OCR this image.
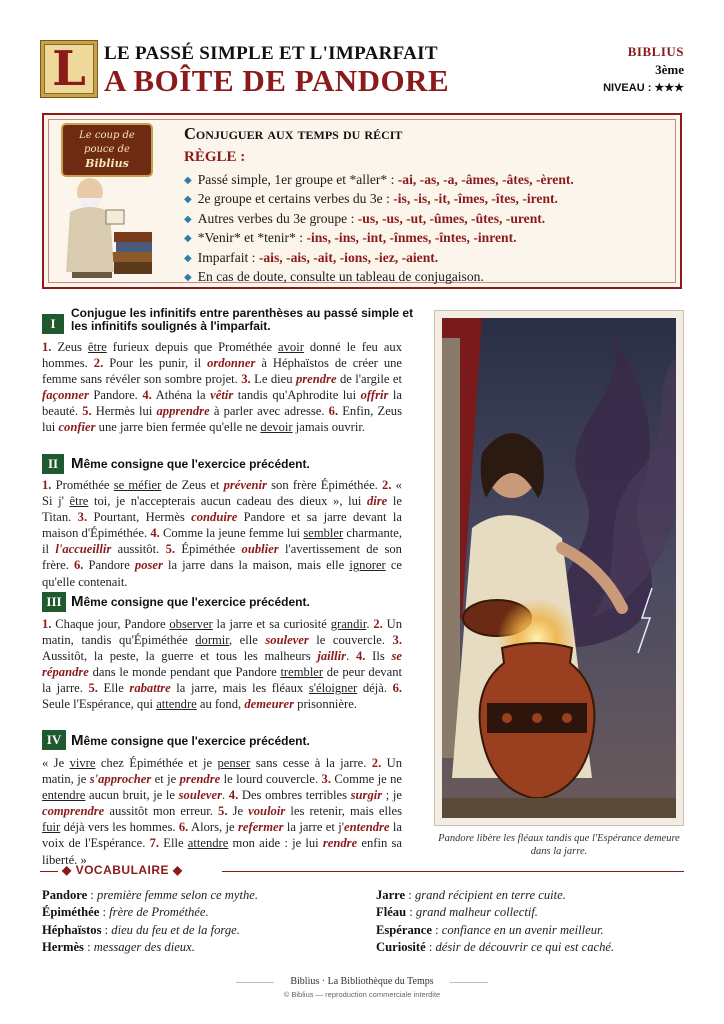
L LE PASSÉ SIMPLE ET L'IMPARFAIT
A BOÎTE DE PANDORE
BIBLIUS
3ème
NIVEAU : ★★★
Le coup de
pouce de
Biblius
Conjuguer aux temps du récit
RÈGLE :
◆ Passé simple, 1er groupe et *aller* : -ai, -as, -a, -âmes, -âtes, -èrent.
◆ 2e groupe et certains verbes du 3e : -is, -is, -it, -îmes, -îtes, -irent.
◆ Autres verbes du 3e groupe : -us, -us, -ut, -ûmes, -ûtes, -urent.
◆ *Venir* et *tenir* : -ins, -ins, -int, -înmes, -întes, -inrent.
◆ Imparfait : -ais, -ais, -ait, -ions, -iez, -aient.
◆ En cas de doute, consulte un tableau de conjugaison.
I
Conjugue les infinitifs entre parenthèses au passé simple et
les infinitifs soulignés à l'imparfait.
1. Zeus être furieux depuis que Prométhée avoir donné le feu aux hommes. 2. Pour les punir, il ordonner à Héphaïstos de créer une femme sans révéler son sombre projet. 3. Le dieu prendre de l'argile et façonner Pandore. 4. Athéna la vêtir tandis qu'Aphrodite lui offrir la beauté. 5. Hermès lui apprendre à parler avec adresse. 6. Enfin, Zeus lui confier une jarre bien fermée qu'elle ne devoir jamais ouvrir.
II Même consigne que l'exercice précédent.
1. Prométhée se méfier de Zeus et prévenir son frère Épiméthée. 2. « Si j' être toi, je n'accepterais aucun cadeau des dieux », lui dire le Titan. 3. Pourtant, Hermès conduire Pandore et sa jarre devant la maison d'Épiméthée. 4. Comme la jeune femme lui sembler charmante, il l'accueillir aussitôt. 5. Épiméthée oublier l'avertissement de son frère. 6. Pandore poser la jarre dans la maison, mais elle ignorer ce qu'elle contenait.
III Même consigne que l'exercice précédent.
1. Chaque jour, Pandore observer la jarre et sa curiosité grandir. 2. Un matin, tandis qu'Épiméthée dormir, elle soulever le couvercle. 3. Aussitôt, la peste, la guerre et tous les malheurs jaillir. 4. Ils se répandre dans le monde pendant que Pandore trembler de peur devant la jarre. 5. Elle rabattre la jarre, mais les fléaux s'éloigner déjà. 6. Seule l'Espérance, qui attendre au fond, demeurer prisonnière.
IV Même consigne que l'exercice précédent.
« Je vivre chez Épiméthée et je penser sans cesse à la jarre. 2. Un matin, je s'approcher et je prendre le lourd couvercle. 3. Comme je ne entendre aucun bruit, je le soulever. 4. Des ombres terribles surgir ; je comprendre aussitôt mon erreur. 5. Je vouloir les retenir, mais elles fuir déjà vers les hommes. 6. Alors, je refermer la jarre et j'entendre la voix de l'Espérance. 7. Elle attendre mon aide : je lui rendre enfin sa liberté. »
Pandore libère les fléaux tandis que l'Espérance demeure dans la jarre.
◆ VOCABULAIRE ◆
Pandore : première femme selon ce mythe.
Épiméthée : frère de Prométhée.
Héphaïstos : dieu du feu et de la forge.
Hermès : messager des dieux.
Jarre : grand récipient en terre cuite.
Fléau : grand malheur collectif.
Espérance : confiance en un avenir meilleur.
Curiosité : désir de découvrir ce qui est caché.
Biblius · La Bibliothèque du Temps
© Biblius — reproduction commerciale interdite
